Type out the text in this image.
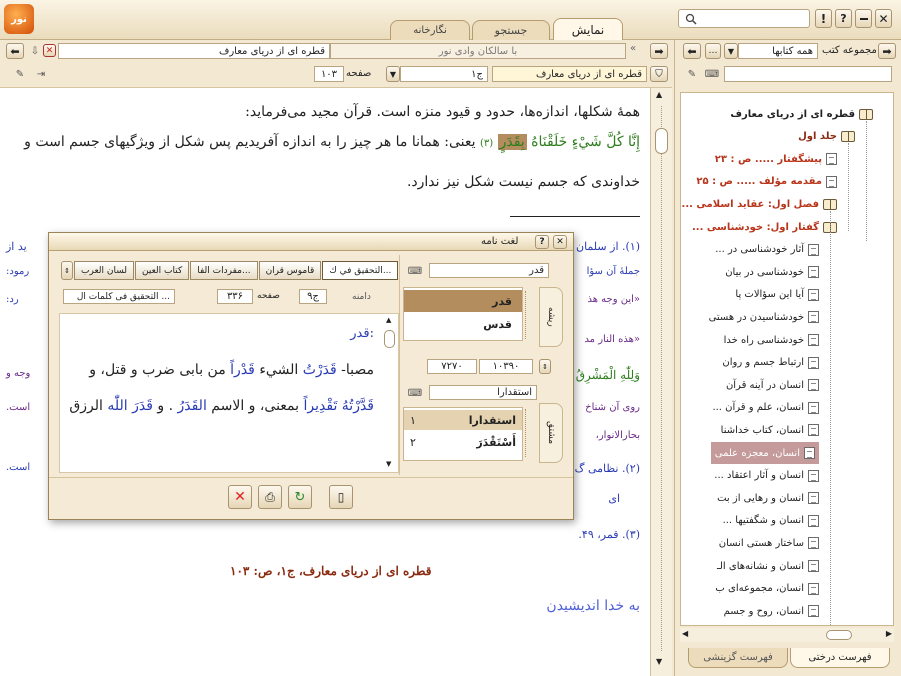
نور
نمایش
جستجو
نگارخانه
! ?	✕
➡
«
با سالکان وادی نور
قطره ای از دریای معارف
✕
⇩
⬅
⛉
قطره ای از دریای معارف
ج۱
▼
صفحه
۱۰۳
⇥
✎
همهٔ شکلها، اندازه‌ها، حدود و قیود منزه است. قرآن مجید می‌فرماید:
إِنَّا كُلَّ شَيْ‌ءٍ خَلَقْنَاهُ بِقَدَرٍ (۳) یعنی: همانا ما هر چیز را به اندازه آفریدیم پس شکل از ویژگیهای جسم است و
خداوندی که جسم نیست شکل نیز ندارد.
(۱). از سلمان
ید از
جملهٔ آن سؤا
رمود:
«این وجه هذ
رد:
«هذه النار مد
وَلِلّٰهِ الْمَشْرِقُ
وجه و
روی آن شناخ
است.
بحارالانوار،
(۲). نظامی گ
است.
ای
(۳). قمر، ۴۹.
قطره ای از دریای معارف، ج۱، ص: ۱۰۳
به خدا اندیشیدن
▲
▼
➡
مجموعه کتب
همه کتابها
▼
…
⬅
⌨
✎
قطره ای از دریای معارف
جلد اول
پیشگفتار ..... ص : ۲۳
مقدمه مؤلف ..... ص : ۲۵
فصل اول: عقاید اسلامی ...
گفتار اول: خودشناسی ...
آثار خودشناسی در ...
خودشناسی در بیان
آیا این سؤالات پا
خودشناسیدن در هستی
خودشناسی راه خدا
ارتباط جسم و روان
انسان در آینه قرآن
انسان، علم و قرآن ...
انسان، کتاب خداشنا
انسان، معجزه علمی
انسان و آثار اعتقاد ...
انسان و رهایی از بت
انسان و شگفتیها ...
ساختار هستی انسان
انسان و نشانه‌های الـ
انسان، مجموعه‌ای ب
انسان، روح و جسم
▶
◀
فهرست درختی
فهرست گزینشی
✕
?
لغت نامه
⇕	لسان العرب کتاب العین مفردات الفا... قاموس قران التحقیق في ك...
دامنه
ج۹
صفحه
۳۳۶
التحقیق فی کلمات ال ...
قدر:
مصبا- قَدَرْتُ الشيء قَدْراً من بابى ضرب و قتل، و
قَدَّرْتُهُ تَقْدِيراً بمعنى، و الاسم القَدَرُ . و قَدَرَ اللّٰه الرزق
▲
▼
قدر
⌨
قدر
قدس	ریشه
۱۰۳۹۰
۷۲۷۰	⇕
استقدارا
⌨
استقدارا
۱
أَسْتَقْدَرَ
۲	مشتق
✕ ⎙ ↻	▯
